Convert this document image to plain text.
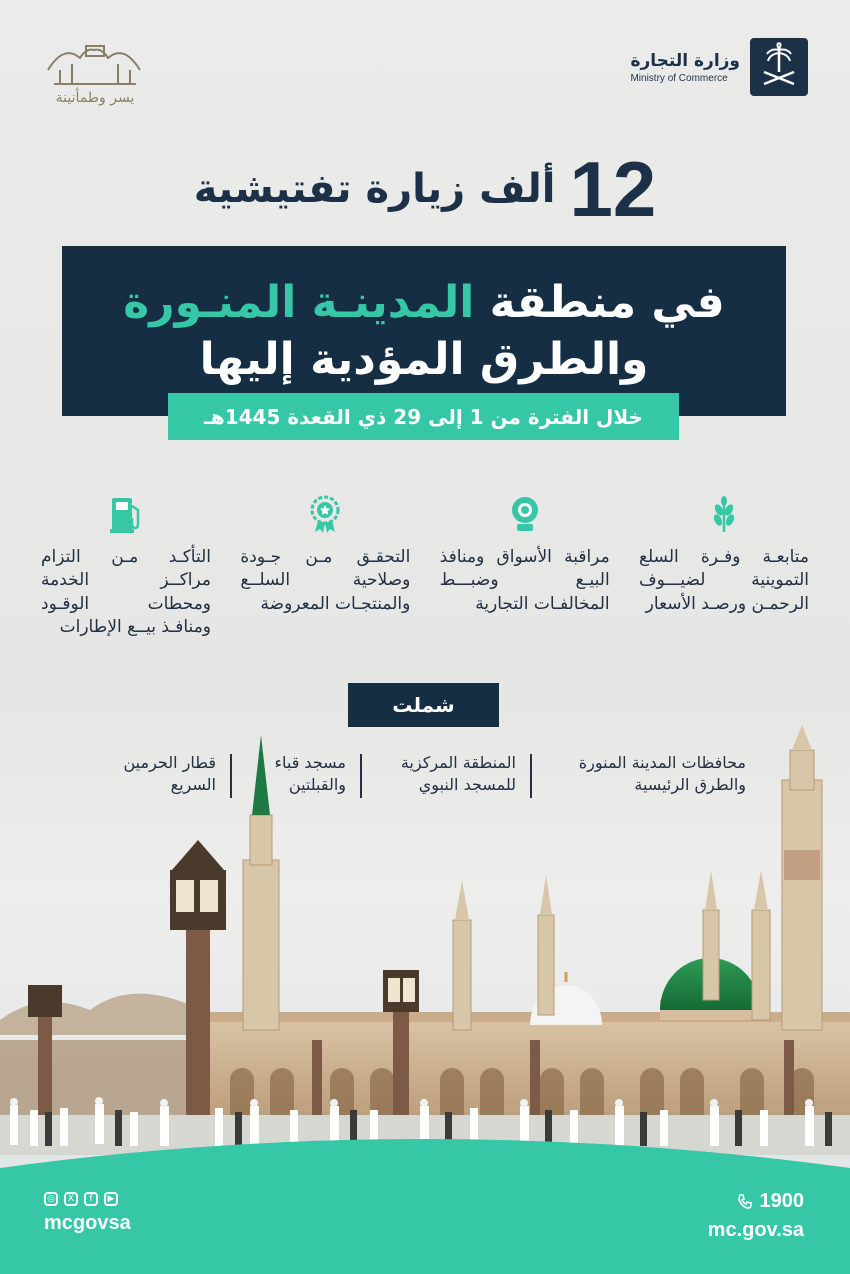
وزارة التجارة
Ministry of Commerce
يسر وطمأنينة
12
ألف زيارة تفتيشية
في منطقة المدينـة المنـورة
والطرق المؤدية إليها
خلال الفترة من 1 إلى 29 ذي القعدة 1445هـ
متابعـة وفـرة السلع التموينية لضيـــوف الرحمـن ورصـد الأسعار
مراقبة الأسواق ومنافذ البيـع وضبـــط المخالفـات التجارية
التحقـق مـن جـودة وصلاحية السلــع والمنتجـات المعروضة
التأكـد مـن التزام مراكــز الخدمة ومحطات الوقـود ومنافـذ بيــع الإطارات
شملت
محافظات المدينة المنورة والطرق الرئيسية
المنطقة المركزية للمسجد النبوي
مسجد قباء والقبلتين
قطار الحرمين السريع
◎	X	f	▶
mcgovsa
1900
mc.gov.sa
